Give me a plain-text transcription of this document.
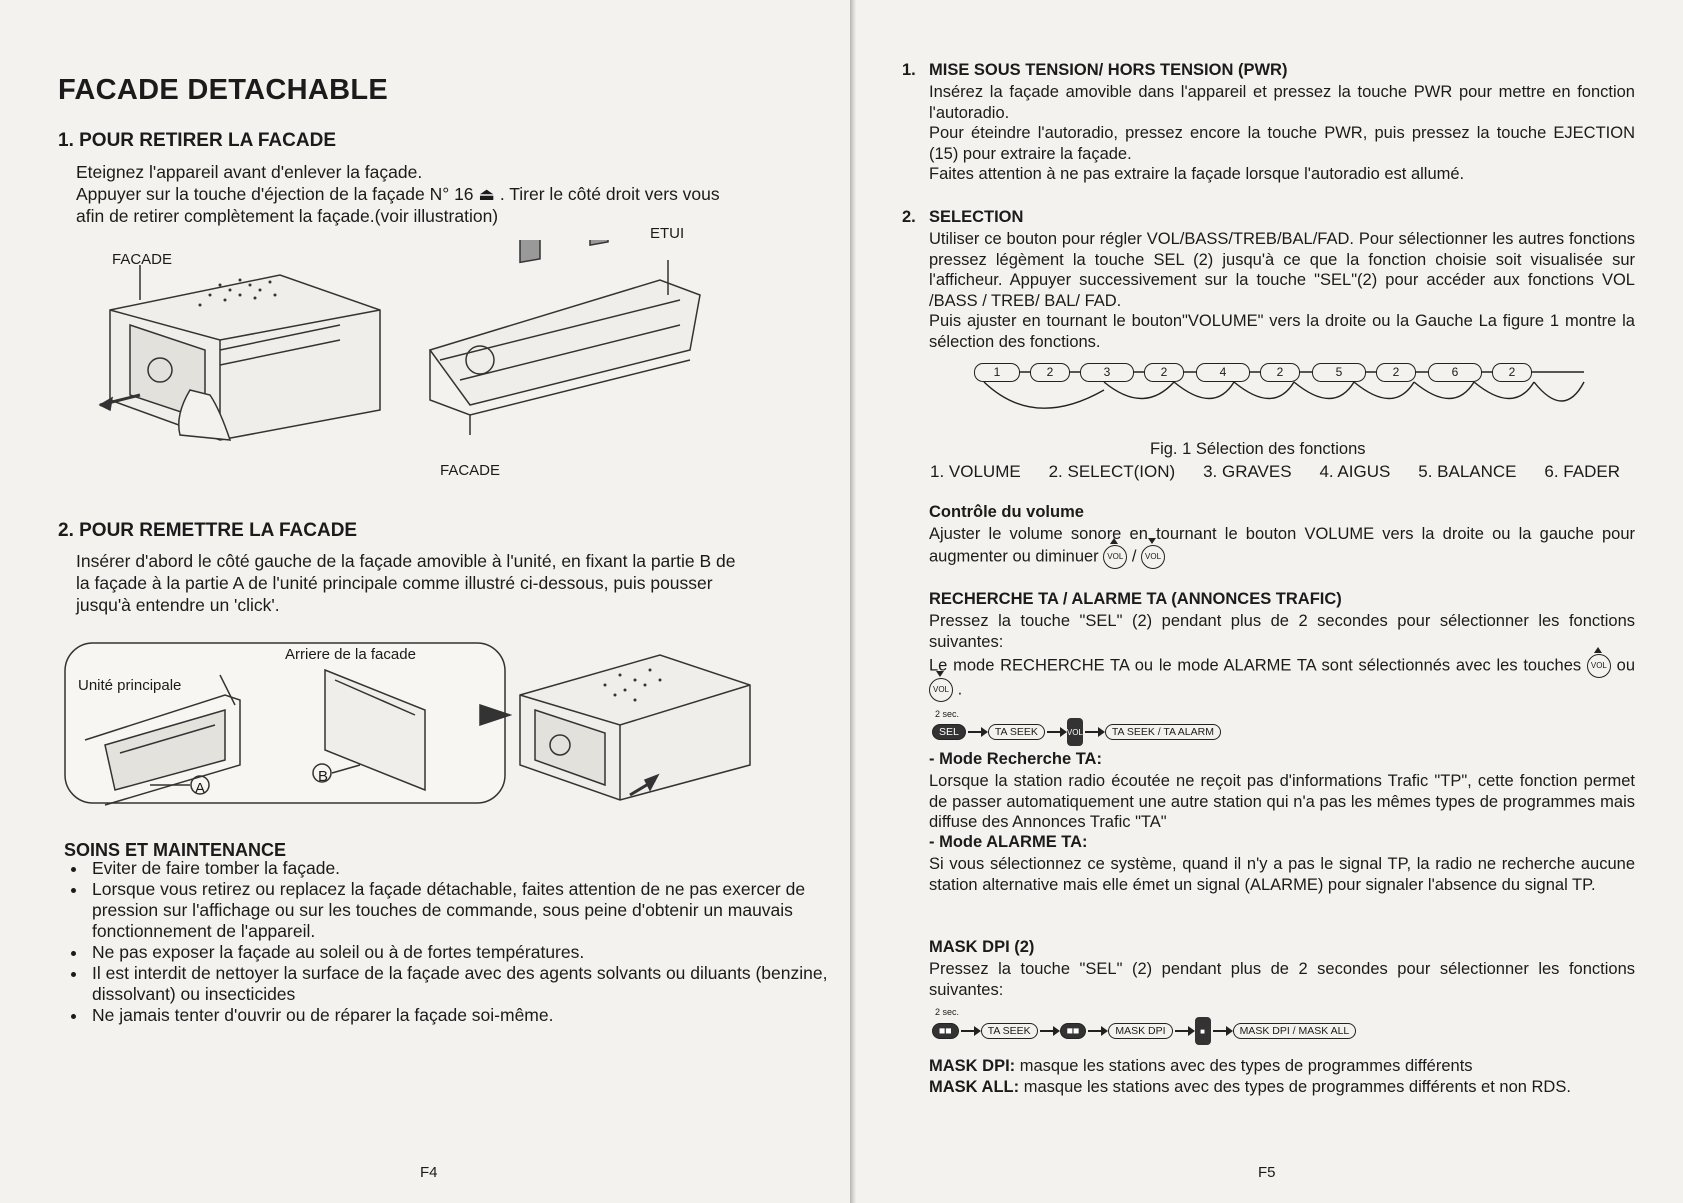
FACADE DETACHABLE
1. POUR RETIRER LA FACADE

Eteignez l'appareil avant d'enlever la façade.

Appuyer sur la touche d'éjection de la façade N° 16 ⏏ . Tirer le côté droit vers vous

afin de retirer complètement la façade.(voir illustration)

FACADE
ETUI
FACADE
2. POUR REMETTRE LA FACADE

Insérer d'abord le côté gauche de la façade amovible à l'unité, en fixant la partie B de

la façade à la partie A de l'unité principale comme illustré ci-dessous, puis pousser

jusqu'à entendre un 'click'.

Unité principale
Arriere de la facade
A
B
SOINS ET MAINTENANCE
• Eviter de faire tomber la façade.
• Lorsque vous retirez ou replacez la façade détachable, faites attention de ne pas exercer de pression sur l'affichage ou sur les touches de commande, sous peine d'obtenir un mauvais fonctionnement de l'appareil.
• Ne pas exposer la façade au soleil ou à de fortes températures.
• Il est interdit de nettoyer la surface de la façade avec des agents solvants ou diluants (benzine, dissolvant) ou insecticides
• Ne jamais tenter d'ouvrir ou de réparer la façade soi-même.
F4
1. MISE SOUS TENSION/ HORS TENSION (PWR)

Insérez la façade amovible dans l'appareil et pressez la touche PWR pour mettre en fonction l'autoradio.

Pour éteindre l'autoradio, pressez encore la touche PWR, puis pressez la touche EJECTION (15) pour extraire la façade.

Faites attention à ne pas extraire la façade lorsque l'autoradio est allumé.

2. SELECTION

Utiliser ce bouton pour régler VOL/BASS/TREB/BAL/FAD. Pour sélectionner les autres fonctions pressez légèment la touche SEL (2) jusqu'à ce que la fonction choisie soit visualisée sur l'afficheur. Appuyer successivement sur la touche "SEL"(2) pour accéder aux fonctions VOL /BASS / TREB/ BAL/ FAD.

Puis ajuster en tournant le bouton"VOLUME" vers la droite ou la Gauche La figure 1 montre la sélection des fonctions.

1	2	3	2	4	2	5	2	6	2
Fig. 1 Sélection des fonctions
1. VOLUME 2. SELECT(ION) 3. GRAVES 4. AIGUS 5. BALANCE 6. FADER
Contrôle du volume
Ajuster le volume sonore en tournant le bouton VOLUME vers la droite ou la gauche pour augmenter ou diminuer VOL / VOL
RECHERCHE TA / ALARME TA (ANNONCES TRAFIC)
Pressez la touche "SEL" (2) pendant plus de 2 secondes pour sélectionner les fonctions suivantes:
Le mode RECHERCHE TA ou le mode ALARME TA sont sélectionnés avec les touches VOL ou VOL .
2 sec.
SEL	TA SEEK	VOL	TA SEEK / TA ALARM
- Mode Recherche TA:
Lorsque la station radio écoutée ne reçoit pas d'informations Trafic "TP", cette fonction permet de passer automatiquement une autre station qui n'a pas les mêmes types de programmes mais diffuse des Annonces Trafic "TA"
- Mode ALARME TA:
Si vous sélectionnez ce système, quand il n'y a pas le signal TP, la radio ne recherche aucune station alternative mais elle émet un signal (ALARME) pour signaler l'absence du signal TP.
MASK DPI (2)
Pressez la touche "SEL" (2) pendant plus de 2 secondes pour sélectionner les fonctions suivantes:
2 sec.
■■	TA SEEK	■■	MASK DPI	■	MASK DPI / MASK ALL
MASK DPI: masque les stations avec des types de programmes différents
MASK ALL: masque les stations avec des types de programmes différents et non RDS.
F5
